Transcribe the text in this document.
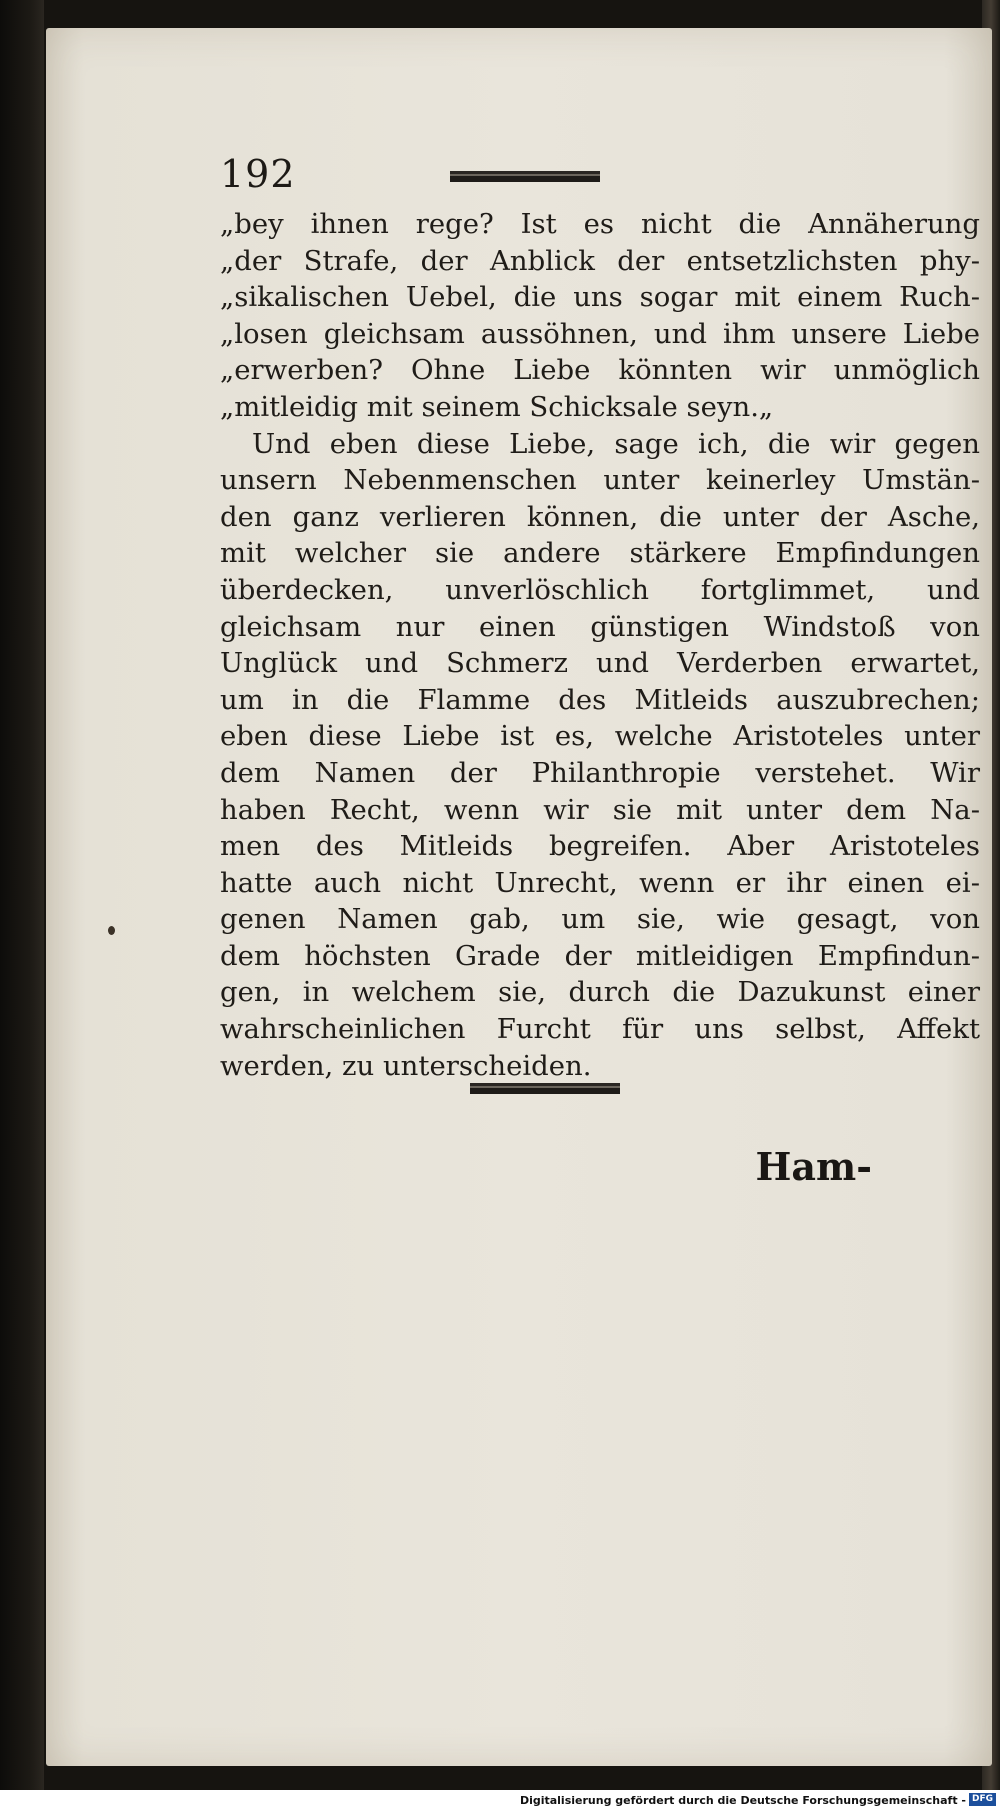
192
„bey ihnen rege? Ist es nicht die Annäherung
„der Strafe, der Anblick der entsetzlichsten phy-
„sikalischen Uebel, die uns sogar mit einem Ruch-
„losen gleichsam aussöhnen, und ihm unsere Liebe
„erwerben? Ohne Liebe könnten wir unmöglich
„mitleidig mit seinem Schicksale seyn.„
Und eben diese Liebe, sage ich, die wir gegen
unsern Nebenmenschen unter keinerley Umstän-
den ganz verlieren können, die unter der Asche,
mit welcher sie andere stärkere Empfindungen
überdecken, unverlöschlich fortglimmet, und
gleichsam nur einen günstigen Windstoß von
Unglück und Schmerz und Verderben erwartet,
um in die Flamme des Mitleids auszubrechen;
eben diese Liebe ist es, welche Aristoteles unter
dem Namen der Philanthropie verstehet. Wir
haben Recht, wenn wir sie mit unter dem Na-
men des Mitleids begreifen. Aber Aristoteles
hatte auch nicht Unrecht, wenn er ihr einen ei-
genen Namen gab, um sie, wie gesagt, von
dem höchsten Grade der mitleidigen Empfindun-
gen, in welchem sie, durch die Dazukunst einer
wahrscheinlichen Furcht für uns selbst, Affekt
werden, zu unterscheiden.
Ham-
Digitalisierung gefördert durch die Deutsche Forschungsgemeinschaft - DFG
